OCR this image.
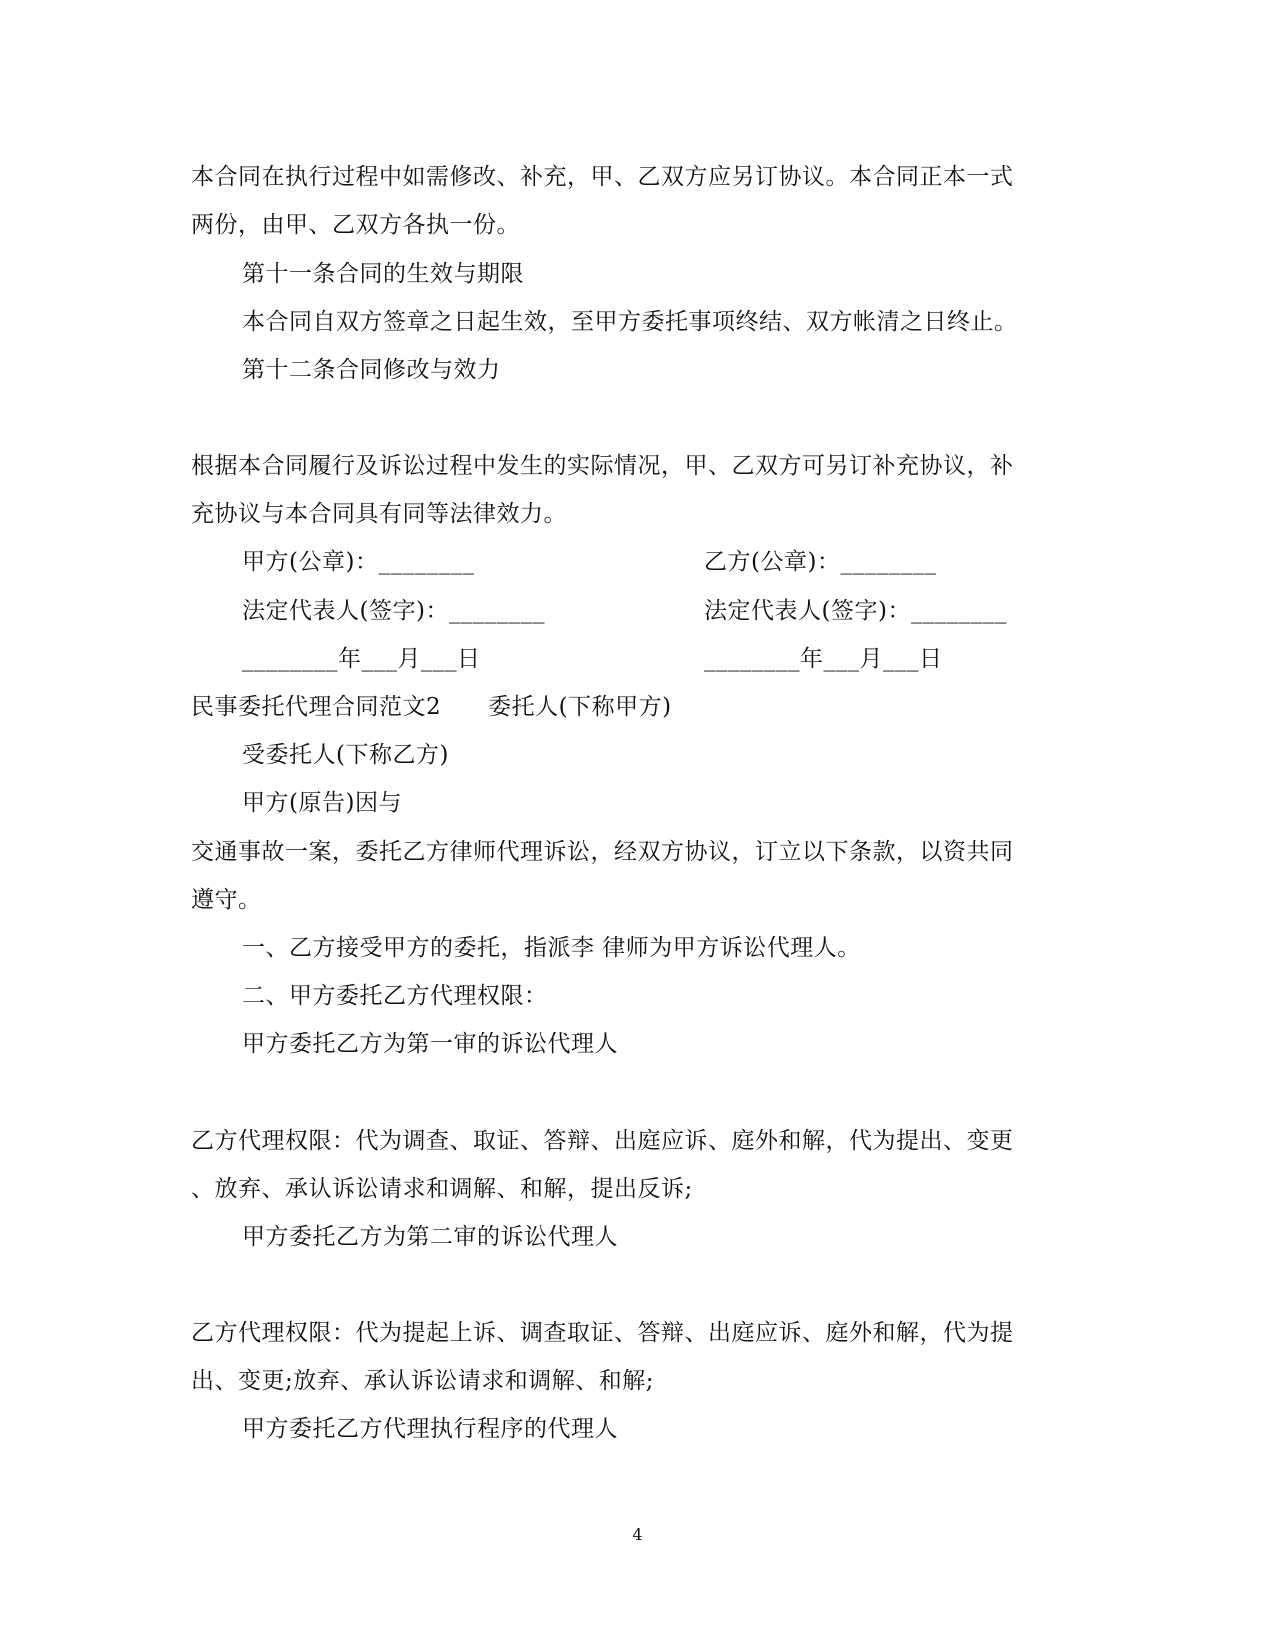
本合同在执行过程中如需修改、补充，甲、乙双方应另订协议。本合同正本一式
两份，由甲、乙双方各执一份。
第十一条合同的生效与期限
本合同自双方签章之日起生效，至甲方委托事项终结、双方帐清之日终止。
第十二条合同修改与效力
根据本合同履行及诉讼过程中发生的实际情况，甲、乙双方可另订补充协议，补
充协议与本合同具有同等法律效力。
甲方(公章)：________	乙方(公章)：________
法定代表人(签字)：________	法定代表人(签字)：________
________年___月___日	________年___月___日
民事委托代理合同范文2　　委托人(下称甲方)
受委托人(下称乙方)
甲方(原告)因与
交通事故一案，委托乙方律师代理诉讼，经双方协议，订立以下条款，以资共同
遵守。
一、乙方接受甲方的委托，指派李 律师为甲方诉讼代理人。
二、甲方委托乙方代理权限：
甲方委托乙方为第一审的诉讼代理人
乙方代理权限：代为调查、取证、答辩、出庭应诉、庭外和解，代为提出、变更
、放弃、承认诉讼请求和调解、和解，提出反诉;
甲方委托乙方为第二审的诉讼代理人
乙方代理权限：代为提起上诉、调查取证、答辩、出庭应诉、庭外和解，代为提
出、变更;放弃、承认诉讼请求和调解、和解;
甲方委托乙方代理执行程序的代理人
4
